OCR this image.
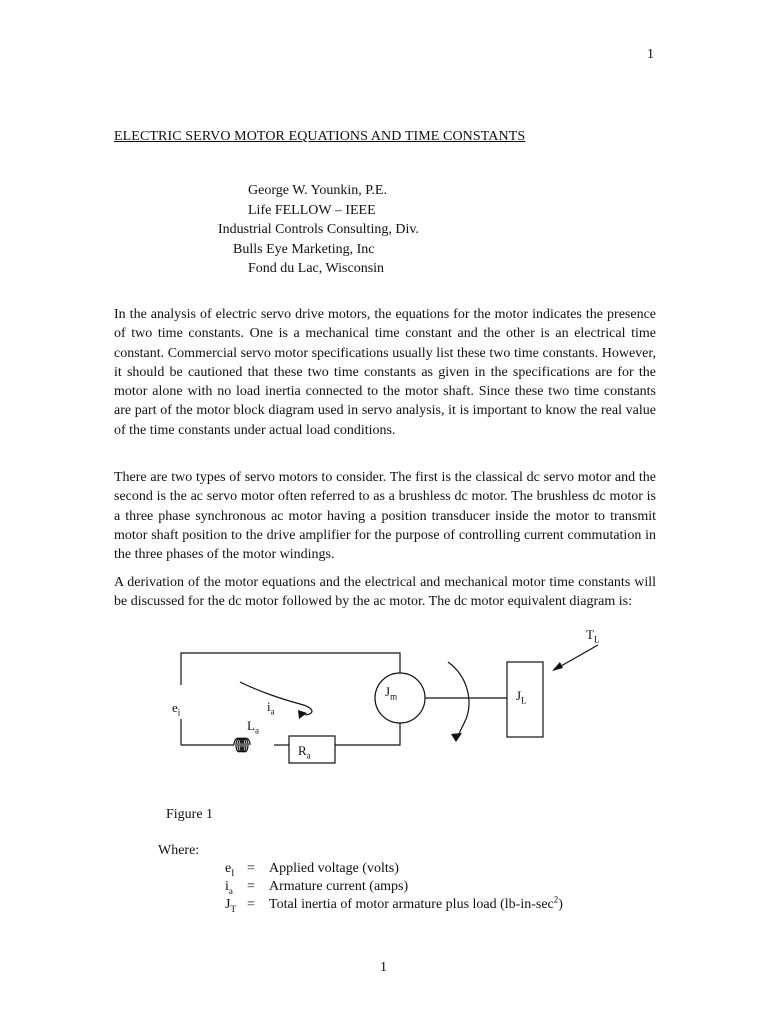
1
ELECTRIC SERVO MOTOR EQUATIONS AND TIME CONSTANTS
George W. Younkin, P.E.
Life FELLOW – IEEE
Industrial Controls Consulting, Div.
Bulls Eye Marketing, Inc
Fond du Lac, Wisconsin

In the analysis of electric servo drive motors, the equations for the motor indicates the presence of two time constants. One is a mechanical time constant and the other is an electrical time constant. Commercial servo motor specifications usually list these two time constants. However, it should be cautioned that these two time constants as given in the specifications are for the motor alone with no load inertia connected to the motor shaft. Since these two time constants are part of the motor block diagram used in servo analysis, it is important to know the real value of the time constants under actual load conditions.

There are two types of servo motors to consider. The first is the classical dc servo motor and the second is the ac servo motor often referred to as a brushless dc motor. The brushless dc motor is a three phase synchronous ac motor having a position transducer inside the motor to transmit motor shaft position to the drive amplifier for the purpose of controlling current commutation in the three phases of the motor windings.

A derivation of the motor equations and the electrical and mechanical motor time constants will be discussed for the dc motor followed by the ac motor. The dc motor equivalent diagram is:

$T_L$
$e_i$	$i_a$
$L_a$
$R_a$
$J_m$	$J_L$
Figure 1
Where:
$e_I$ = Applied voltage (volts)
$i_a$ = Armature current (amps)
$J_T$ = Total inertia of motor armature plus load $(lb-in-\sec^2)$
1
